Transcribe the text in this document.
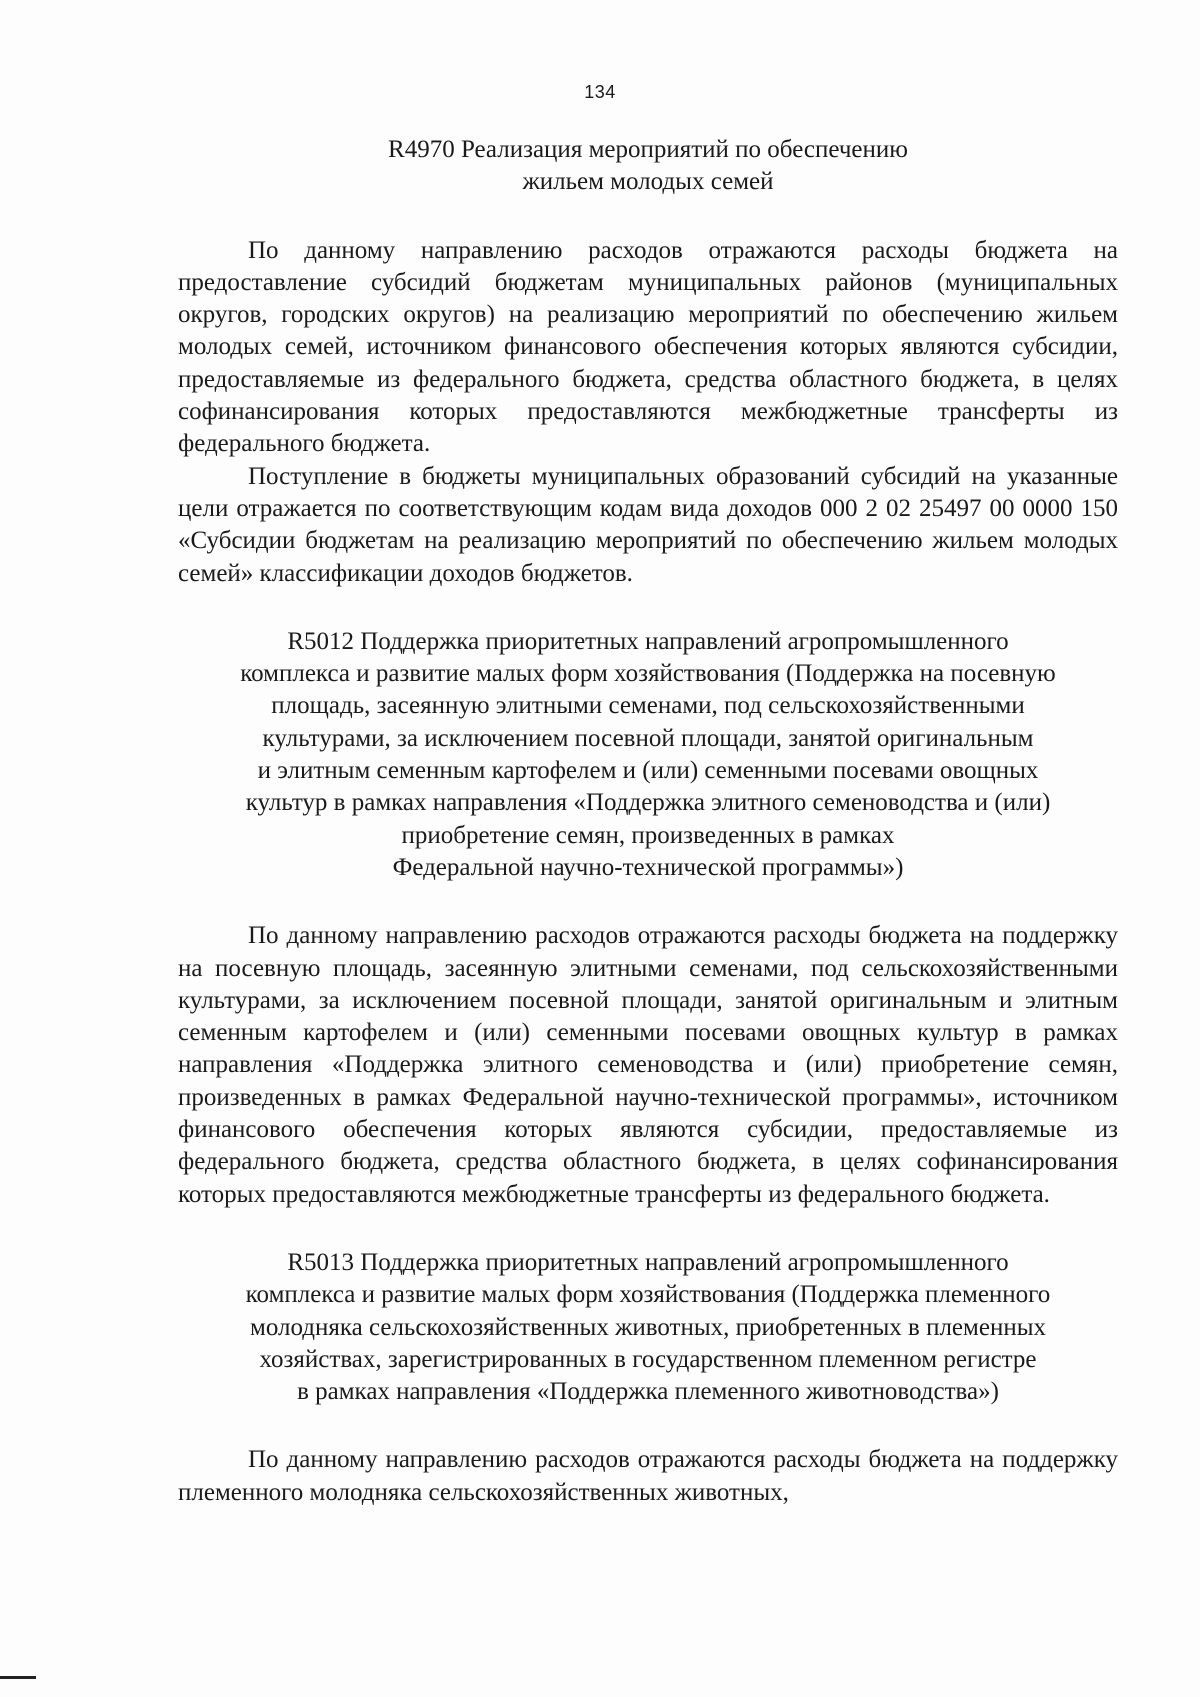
134
R4970 Реализация мероприятий по обеспечению
жильем молодых семей

По данному направлению расходов отражаются расходы бюджета на предоставление субсидий бюджетам муниципальных районов (муниципальных округов, городских округов) на реализацию мероприятий по обеспечению жильем молодых семей, источником финансового обеспечения которых являются субсидии, предоставляемые из федерального бюджета, средства областного бюджета, в целях софинансирования которых предоставляются межбюджетные трансферты из федерального бюджета.

Поступление в бюджеты муниципальных образований субсидий на указанные цели отражается по соответствующим кодам вида доходов 000 2 02 25497 00 0000 150 «Субсидии бюджетам на реализацию мероприятий по обеспечению жильем молодых семей» классификации доходов бюджетов.

R5012 Поддержка приоритетных направлений агропромышленного
комплекса и развитие малых форм хозяйствования (Поддержка на посевную
площадь, засеянную элитными семенами, под сельскохозяйственными
культурами, за исключением посевной площади, занятой оригинальным
и элитным семенным картофелем и (или) семенными посевами овощных
культур в рамках направления «Поддержка элитного семеноводства и (или)
приобретение семян, произведенных в рамках
Федеральной научно-технической программы»)

По данному направлению расходов отражаются расходы бюджета на поддержку на посевную площадь, засеянную элитными семенами, под сельскохозяйственными культурами, за исключением посевной площади, занятой оригинальным и элитным семенным картофелем и (или) семенными посевами овощных культур в рамках направления «Поддержка элитного семеноводства и (или) приобретение семян, произведенных в рамках Федеральной научно-технической программы», источником финансового обеспечения которых являются субсидии, предоставляемые из федерального бюджета, средства областного бюджета, в целях софинансирования которых предоставляются межбюджетные трансферты из федерального бюджета.

R5013 Поддержка приоритетных направлений агропромышленного
комплекса и развитие малых форм хозяйствования (Поддержка племенного
молодняка сельскохозяйственных животных, приобретенных в племенных
хозяйствах, зарегистрированных в государственном племенном регистре
в рамках направления «Поддержка племенного животноводства»)

По данному направлению расходов отражаются расходы бюджета на поддержку племенного молодняка сельскохозяйственных животных,
